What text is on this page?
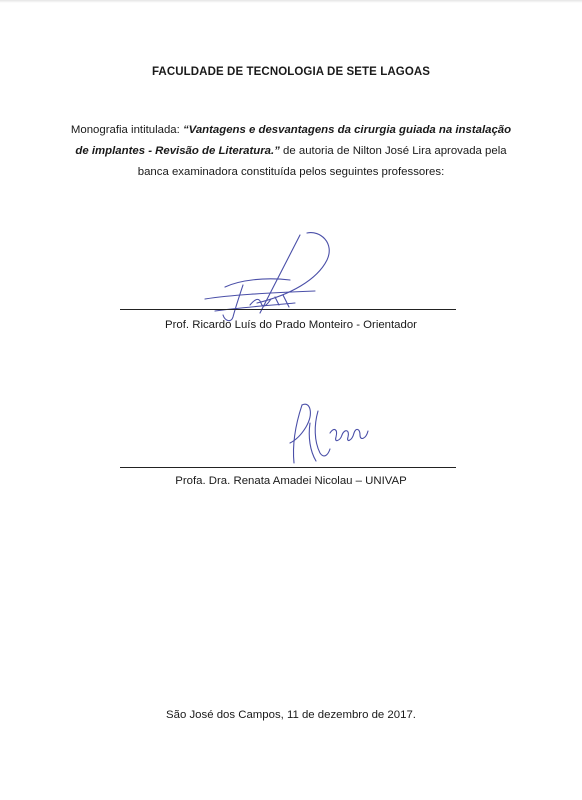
FACULDADE DE TECNOLOGIA DE SETE LAGOAS
Monografia intitulada: “Vantagens e desvantagens da cirurgia guiada na instalação de implantes - Revisão de Literatura.” de autoria de Nilton José Lira aprovada pela banca examinadora constituída pelos seguintes professores:
Prof. Ricardo Luís do Prado Monteiro - Orientador
Profa. Dra. Renata Amadei Nicolau – UNIVAP
São José dos Campos, 11 de dezembro de 2017.
